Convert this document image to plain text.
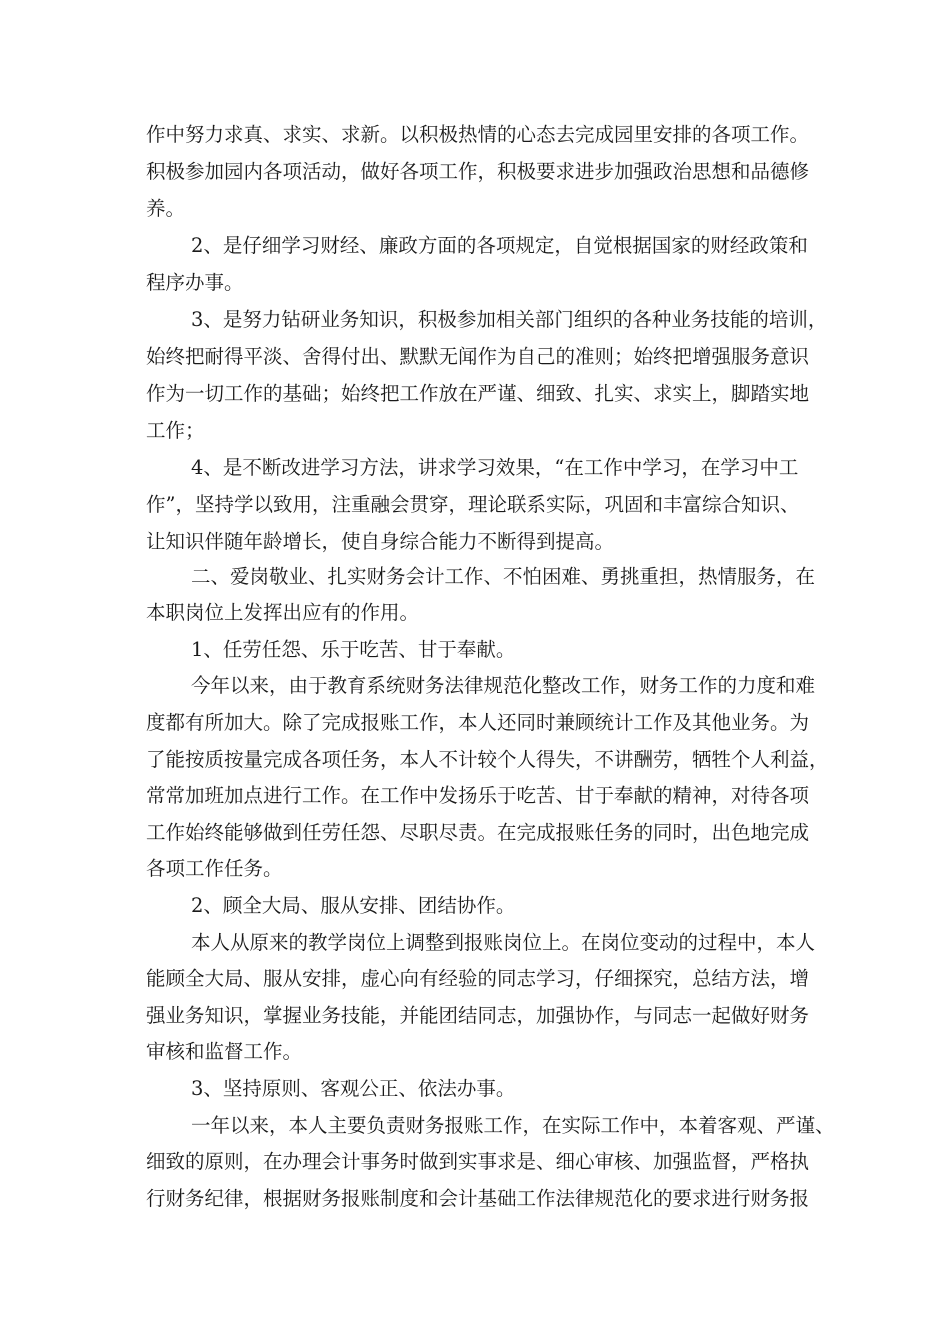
作中努力求真、求实、求新。以积极热情的心态去完成园里安排的各项工作。

积极参加园内各项活动，做好各项工作，积极要求进步加强政治思想和品德修

养。

2、是仔细学习财经、廉政方面的各项规定，自觉根据国家的财经政策和

程序办事。

3、是努力钻研业务知识，积极参加相关部门组织的各种业务技能的培训，

始终把耐得平淡、舍得付出、默默无闻作为自己的准则；始终把增强服务意识

作为一切工作的基础；始终把工作放在严谨、细致、扎实、求实上，脚踏实地

工作；

4、是不断改进学习方法，讲求学习效果，“在工作中学习，在学习中工

作”，坚持学以致用，注重融会贯穿，理论联系实际，巩固和丰富综合知识、

让知识伴随年龄增长，使自身综合能力不断得到提高。

二、爱岗敬业、扎实财务会计工作、不怕困难、勇挑重担，热情服务，在

本职岗位上发挥出应有的作用。

1、任劳任怨、乐于吃苦、甘于奉献。

今年以来，由于教育系统财务法律规范化整改工作，财务工作的力度和难

度都有所加大。除了完成报账工作，本人还同时兼顾统计工作及其他业务。为

了能按质按量完成各项任务，本人不计较个人得失，不讲酬劳，牺牲个人利益，

常常加班加点进行工作。在工作中发扬乐于吃苦、甘于奉献的精神，对待各项

工作始终能够做到任劳任怨、尽职尽责。在完成报账任务的同时，出色地完成

各项工作任务。

2、顾全大局、服从安排、团结协作。

本人从原来的教学岗位上调整到报账岗位上。在岗位变动的过程中，本人

能顾全大局、服从安排，虚心向有经验的同志学习，仔细探究，总结方法，增

强业务知识，掌握业务技能，并能团结同志，加强协作，与同志一起做好财务

审核和监督工作。

3、坚持原则、客观公正、依法办事。

一年以来，本人主要负责财务报账工作，在实际工作中，本着客观、严谨、

细致的原则，在办理会计事务时做到实事求是、细心审核、加强监督，严格执

行财务纪律，根据财务报账制度和会计基础工作法律规范化的要求进行财务报
